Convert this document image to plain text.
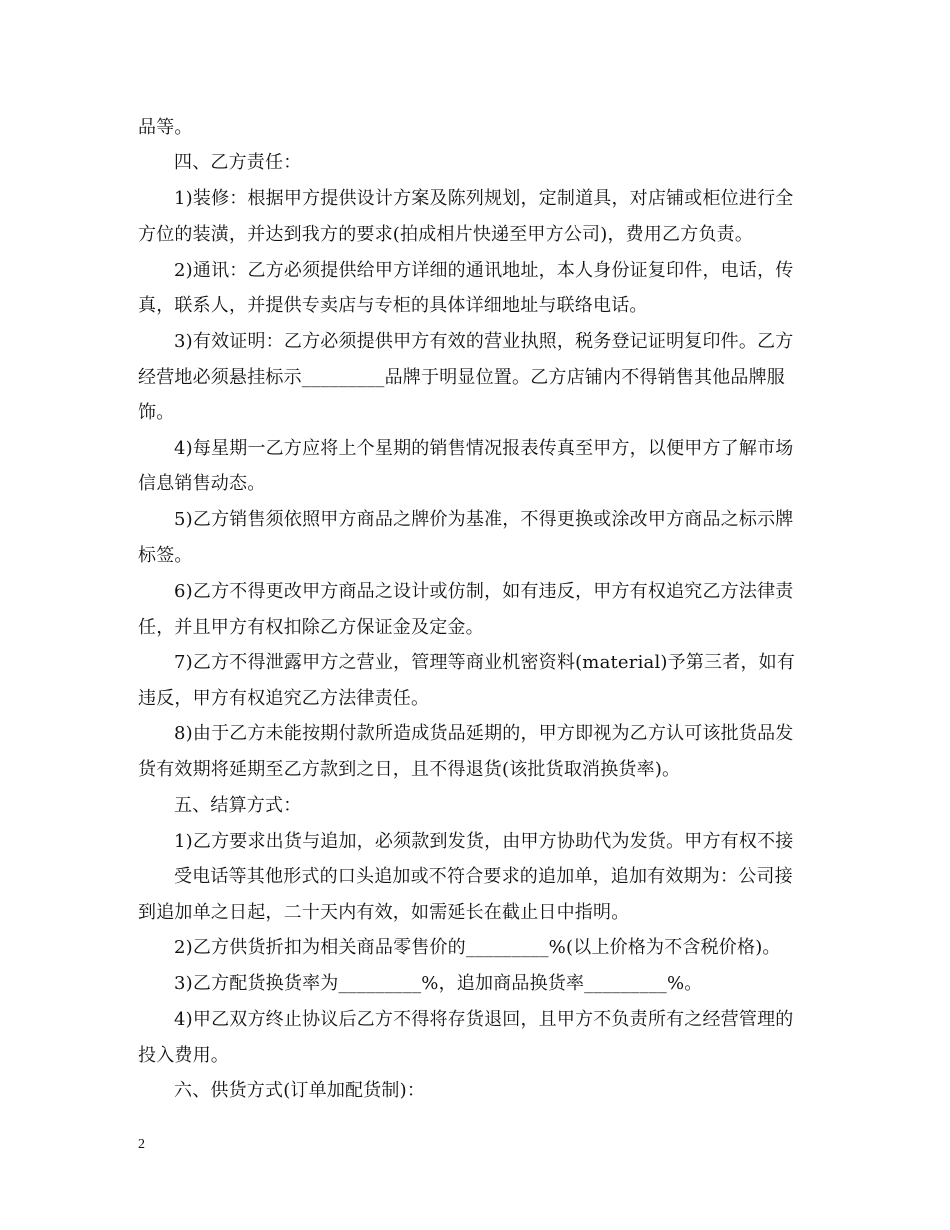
品等。
四、乙方责任：
1)装修：根据甲方提供设计方案及陈列规划，定制道具，对店铺或柜位进行全
方位的装潢，并达到我方的要求(拍成相片快递至甲方公司)，费用乙方负责。
2)通讯：乙方必须提供给甲方详细的通讯地址，本人身份证复印件，电话，传
真，联系人，并提供专卖店与专柜的具体详细地址与联络电话。
3)有效证明：乙方必须提供甲方有效的营业执照，税务登记证明复印件。乙方
经营地必须悬挂标示_________品牌于明显位置。乙方店铺内不得销售其他品牌服
饰。
4)每星期一乙方应将上个星期的销售情况报表传真至甲方，以便甲方了解市场
信息销售动态。
5)乙方销售须依照甲方商品之牌价为基准，不得更换或涂改甲方商品之标示牌
标签。
6)乙方不得更改甲方商品之设计或仿制，如有违反，甲方有权追究乙方法律责
任，并且甲方有权扣除乙方保证金及定金。
7)乙方不得泄露甲方之营业，管理等商业机密资料(material)予第三者，如有
违反，甲方有权追究乙方法律责任。
8)由于乙方未能按期付款所造成货品延期的，甲方即视为乙方认可该批货品发
货有效期将延期至乙方款到之日，且不得退货(该批货取消换货率)。
五、结算方式：
1)乙方要求出货与追加，必须款到发货，由甲方协助代为发货。甲方有权不接
受电话等其他形式的口头追加或不符合要求的追加单，追加有效期为：公司接
到追加单之日起，二十天内有效，如需延长在截止日中指明。
2)乙方供货折扣为相关商品零售价的_________%(以上价格为不含税价格)。
3)乙方配货换货率为_________%，追加商品换货率_________%。
4)甲乙双方终止协议后乙方不得将存货退回，且甲方不负责所有之经营管理的
投入费用。
六、供货方式(订单加配货制)：
2
